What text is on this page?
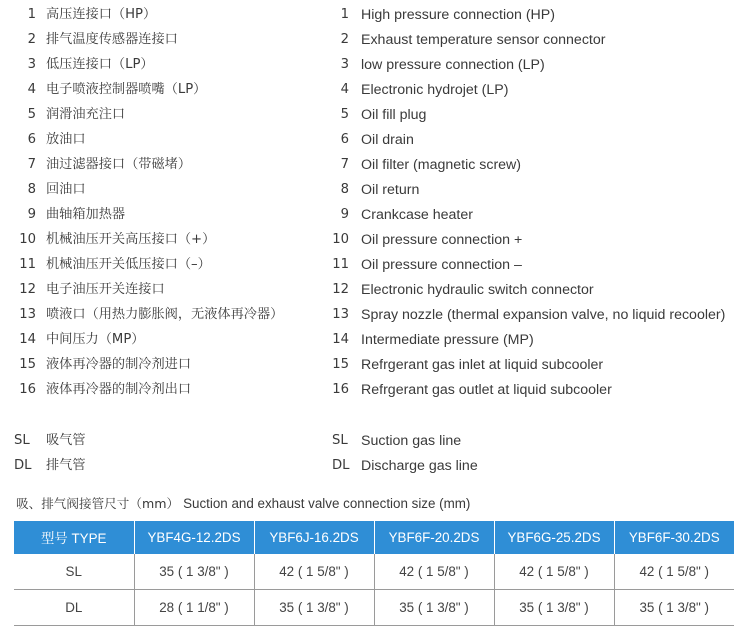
1 高压连接口（HP）	1 High pressure connection (HP)
2 排气温度传感器连接口	2 Exhaust temperature sensor connector
3 低压连接口（LP）	3 low pressure connection (LP)
4 电子喷液控制器喷嘴（LP）	4 Electronic hydrojet (LP)
5 润滑油充注口	5 Oil fill plug
6 放油口	6 Oil drain
7 油过滤器接口（带磁堵）	7 Oil filter (magnetic screw)
8 回油口	8 Oil return
9 曲轴箱加热器	9 Crankcase heater
10 机械油压开关高压接口（+）	10 Oil pressure connection +
11 机械油压开关低压接口（–）	11 Oil pressure connection –
12 电子油压开关连接口	12 Electronic hydraulic switch connector
13 喷液口（用热力膨胀阀，无液体再冷器）	13 Spray nozzle (thermal expansion valve, no liquid recooler)
14 中间压力（MP）	14 Intermediate pressure (MP)
15 液体再冷器的制冷剂进口	15 Refrgerant gas inlet at liquid subcooler
16 液体再冷器的制冷剂出口	16 Refrgerant gas outlet at liquid subcooler
SL 吸气管	SL Suction gas line
DL 排气管	DL Discharge gas line
吸、排气阀接管尺寸（mm） Suction and exhaust valve connection size (mm)
型号 TYPE	YBF4G-12.2DS	YBF6J-16.2DS	YBF6F-20.2DS	YBF6G-25.2DS	YBF6F-30.2DS
SL	35 ( 1 3/8" )	42 ( 1 5/8" )	42 ( 1 5/8" )	42 ( 1 5/8" )	42 ( 1 5/8" )
DL	28 ( 1 1/8" )	35 ( 1 3/8" )	35 ( 1 3/8" )	35 ( 1 3/8" )	35 ( 1 3/8" )
